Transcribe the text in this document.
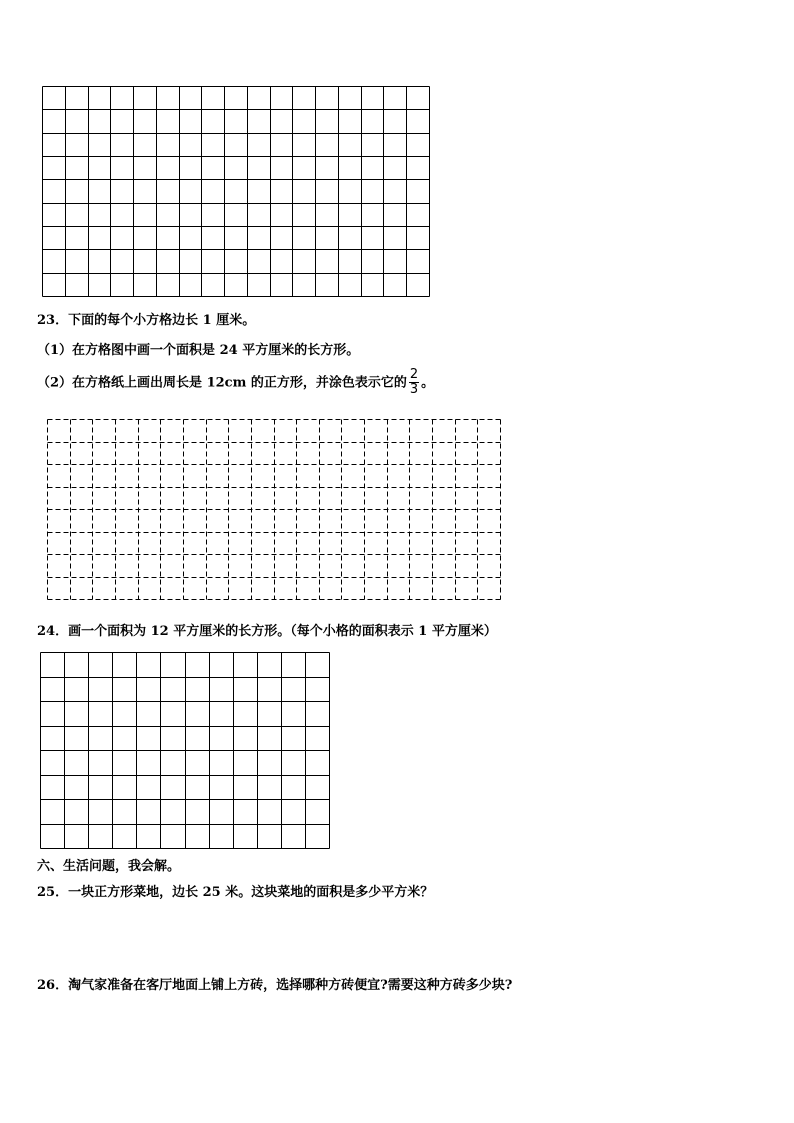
23．下面的每个小方格边长 1 厘米。
（1）在方格图中画一个面积是 24 平方厘米的长方形。
（2）在方格纸上画出周长是 12cm 的正方形，并涂色表示它的 $\frac{2}{3}$ 。
24．画一个面积为 12 平方厘米的长方形。（每个小格的面积表示 1 平方厘米）
六、生活问题，我会解。
25．一块正方形菜地，边长 25 米。这块菜地的面积是多少平方米？
26．淘气家准备在客厅地面上铺上方砖，选择哪种方砖便宜?需要这种方砖多少块?
